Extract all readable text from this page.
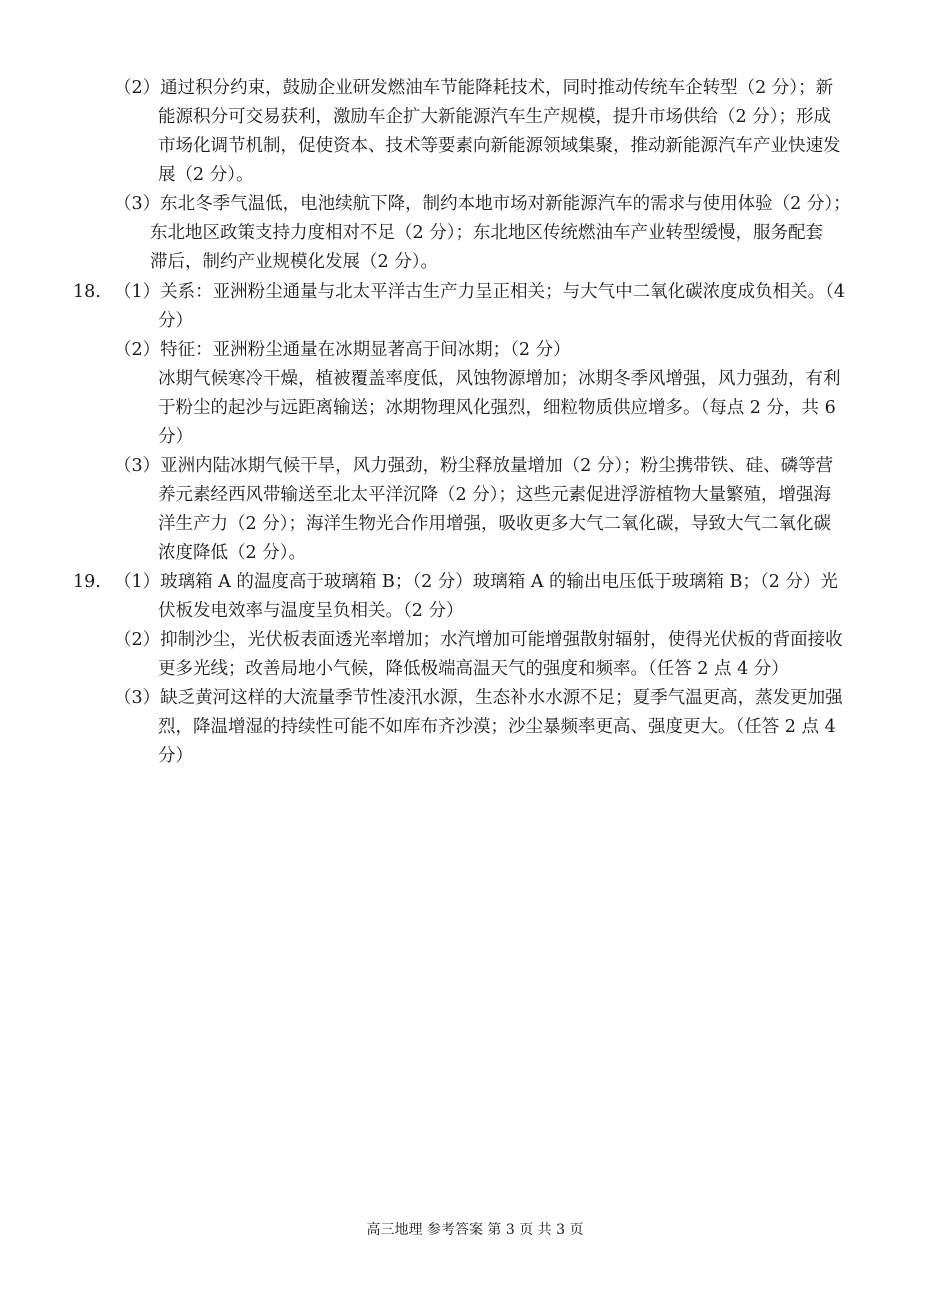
（2）通过积分约束，鼓励企业研发燃油车节能降耗技术，同时推动传统车企转型（2 分）；新
能源积分可交易获利，激励车企扩大新能源汽车生产规模，提升市场供给（2 分）；形成
市场化调节机制，促使资本、技术等要素向新能源领域集聚，推动新能源汽车产业快速发
展（2 分）。
（3）东北冬季气温低，电池续航下降，制约本地市场对新能源汽车的需求与使用体验（2 分）；
东北地区政策支持力度相对不足（2 分）；东北地区传统燃油车产业转型缓慢，服务配套
滞后，制约产业规模化发展（2 分）。
18. （1）关系：亚洲粉尘通量与北太平洋古生产力呈正相关；与大气中二氧化碳浓度成负相关。（4
分）
（2）特征：亚洲粉尘通量在冰期显著高于间冰期；（2 分）
冰期气候寒冷干燥，植被覆盖率度低，风蚀物源增加；冰期冬季风增强，风力强劲，有利
于粉尘的起沙与远距离输送；冰期物理风化强烈，细粒物质供应增多。（每点 2 分，共 6
分）
（3）亚洲内陆冰期气候干旱，风力强劲，粉尘释放量增加（2 分）；粉尘携带铁、硅、磷等营
养元素经西风带输送至北太平洋沉降（2 分）；这些元素促进浮游植物大量繁殖，增强海
洋生产力（2 分）；海洋生物光合作用增强，吸收更多大气二氧化碳，导致大气二氧化碳
浓度降低（2 分）。
19. （1）玻璃箱 A 的温度高于玻璃箱 B；（2 分）玻璃箱 A 的输出电压低于玻璃箱 B；（2 分）光
伏板发电效率与温度呈负相关。（2 分）
（2）抑制沙尘，光伏板表面透光率增加；水汽增加可能增强散射辐射，使得光伏板的背面接收
更多光线；改善局地小气候，降低极端高温天气的强度和频率。（任答 2 点 4 分）
（3）缺乏黄河这样的大流量季节性凌汛水源，生态补水水源不足；夏季气温更高，蒸发更加强
烈，降温增湿的持续性可能不如库布齐沙漠；沙尘暴频率更高、强度更大。（任答 2 点 4
分）
高三地理 参考答案 第 3 页 共 3 页
